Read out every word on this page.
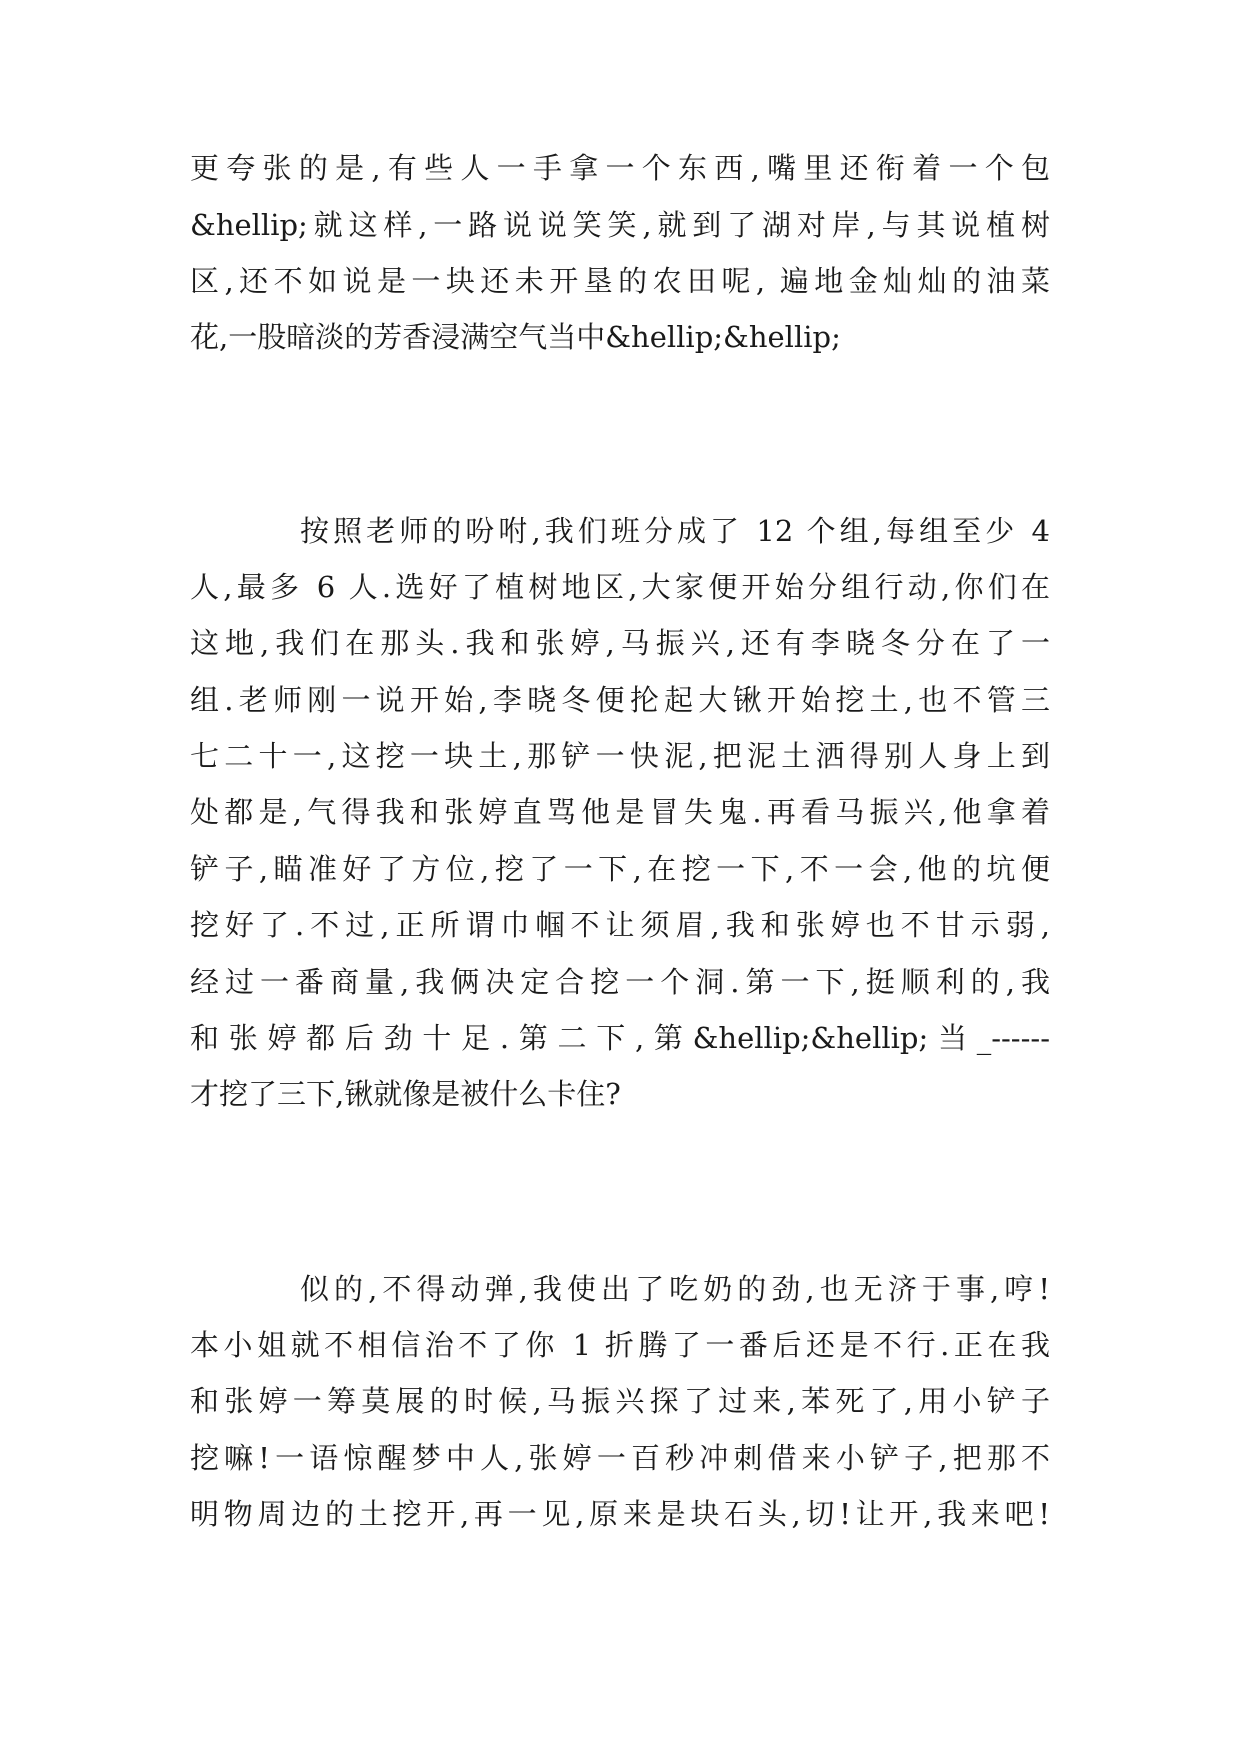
更夸张的是,有些人一手拿一个东西,嘴里还衔着一个包
&hellip;就这样,一路说说笑笑,就到了湖对岸,与其说植树
区,还不如说是一块还未开垦的农田呢, 遍地金灿灿的油菜
花,一股暗淡的芳香浸满空气当中&hellip;&hellip;
按照老师的吩咐,我们班分成了 12 个组,每组至少 4
人,最多 6 人.选好了植树地区,大家便开始分组行动,你们在
这地,我们在那头.我和张婷,马振兴,还有李晓冬分在了一
组.老师刚一说开始,李晓冬便抡起大锹开始挖土,也不管三
七二十一,这挖一块土,那铲一快泥,把泥土洒得别人身上到
处都是,气得我和张婷直骂他是冒失鬼.再看马振兴,他拿着
铲子,瞄准好了方位,挖了一下,在挖一下,不一会,他的坑便
挖好了.不过,正所谓巾帼不让须眉,我和张婷也不甘示弱,
经过一番商量,我俩决定合挖一个洞.第一下,挺顺利的,我
和张婷都后劲十足.第二下,第&hellip;&hellip;当_------
才挖了三下,锹就像是被什么卡住?
似的,不得动弹,我使出了吃奶的劲,也无济于事,哼!
本小姐就不相信治不了你 1 折腾了一番后还是不行.正在我
和张婷一筹莫展的时候,马振兴探了过来,苯死了,用小铲子
挖嘛!一语惊醒梦中人,张婷一百秒冲刺借来小铲子,把那不
明物周边的土挖开,再一见,原来是块石头,切!让开,我来吧!
